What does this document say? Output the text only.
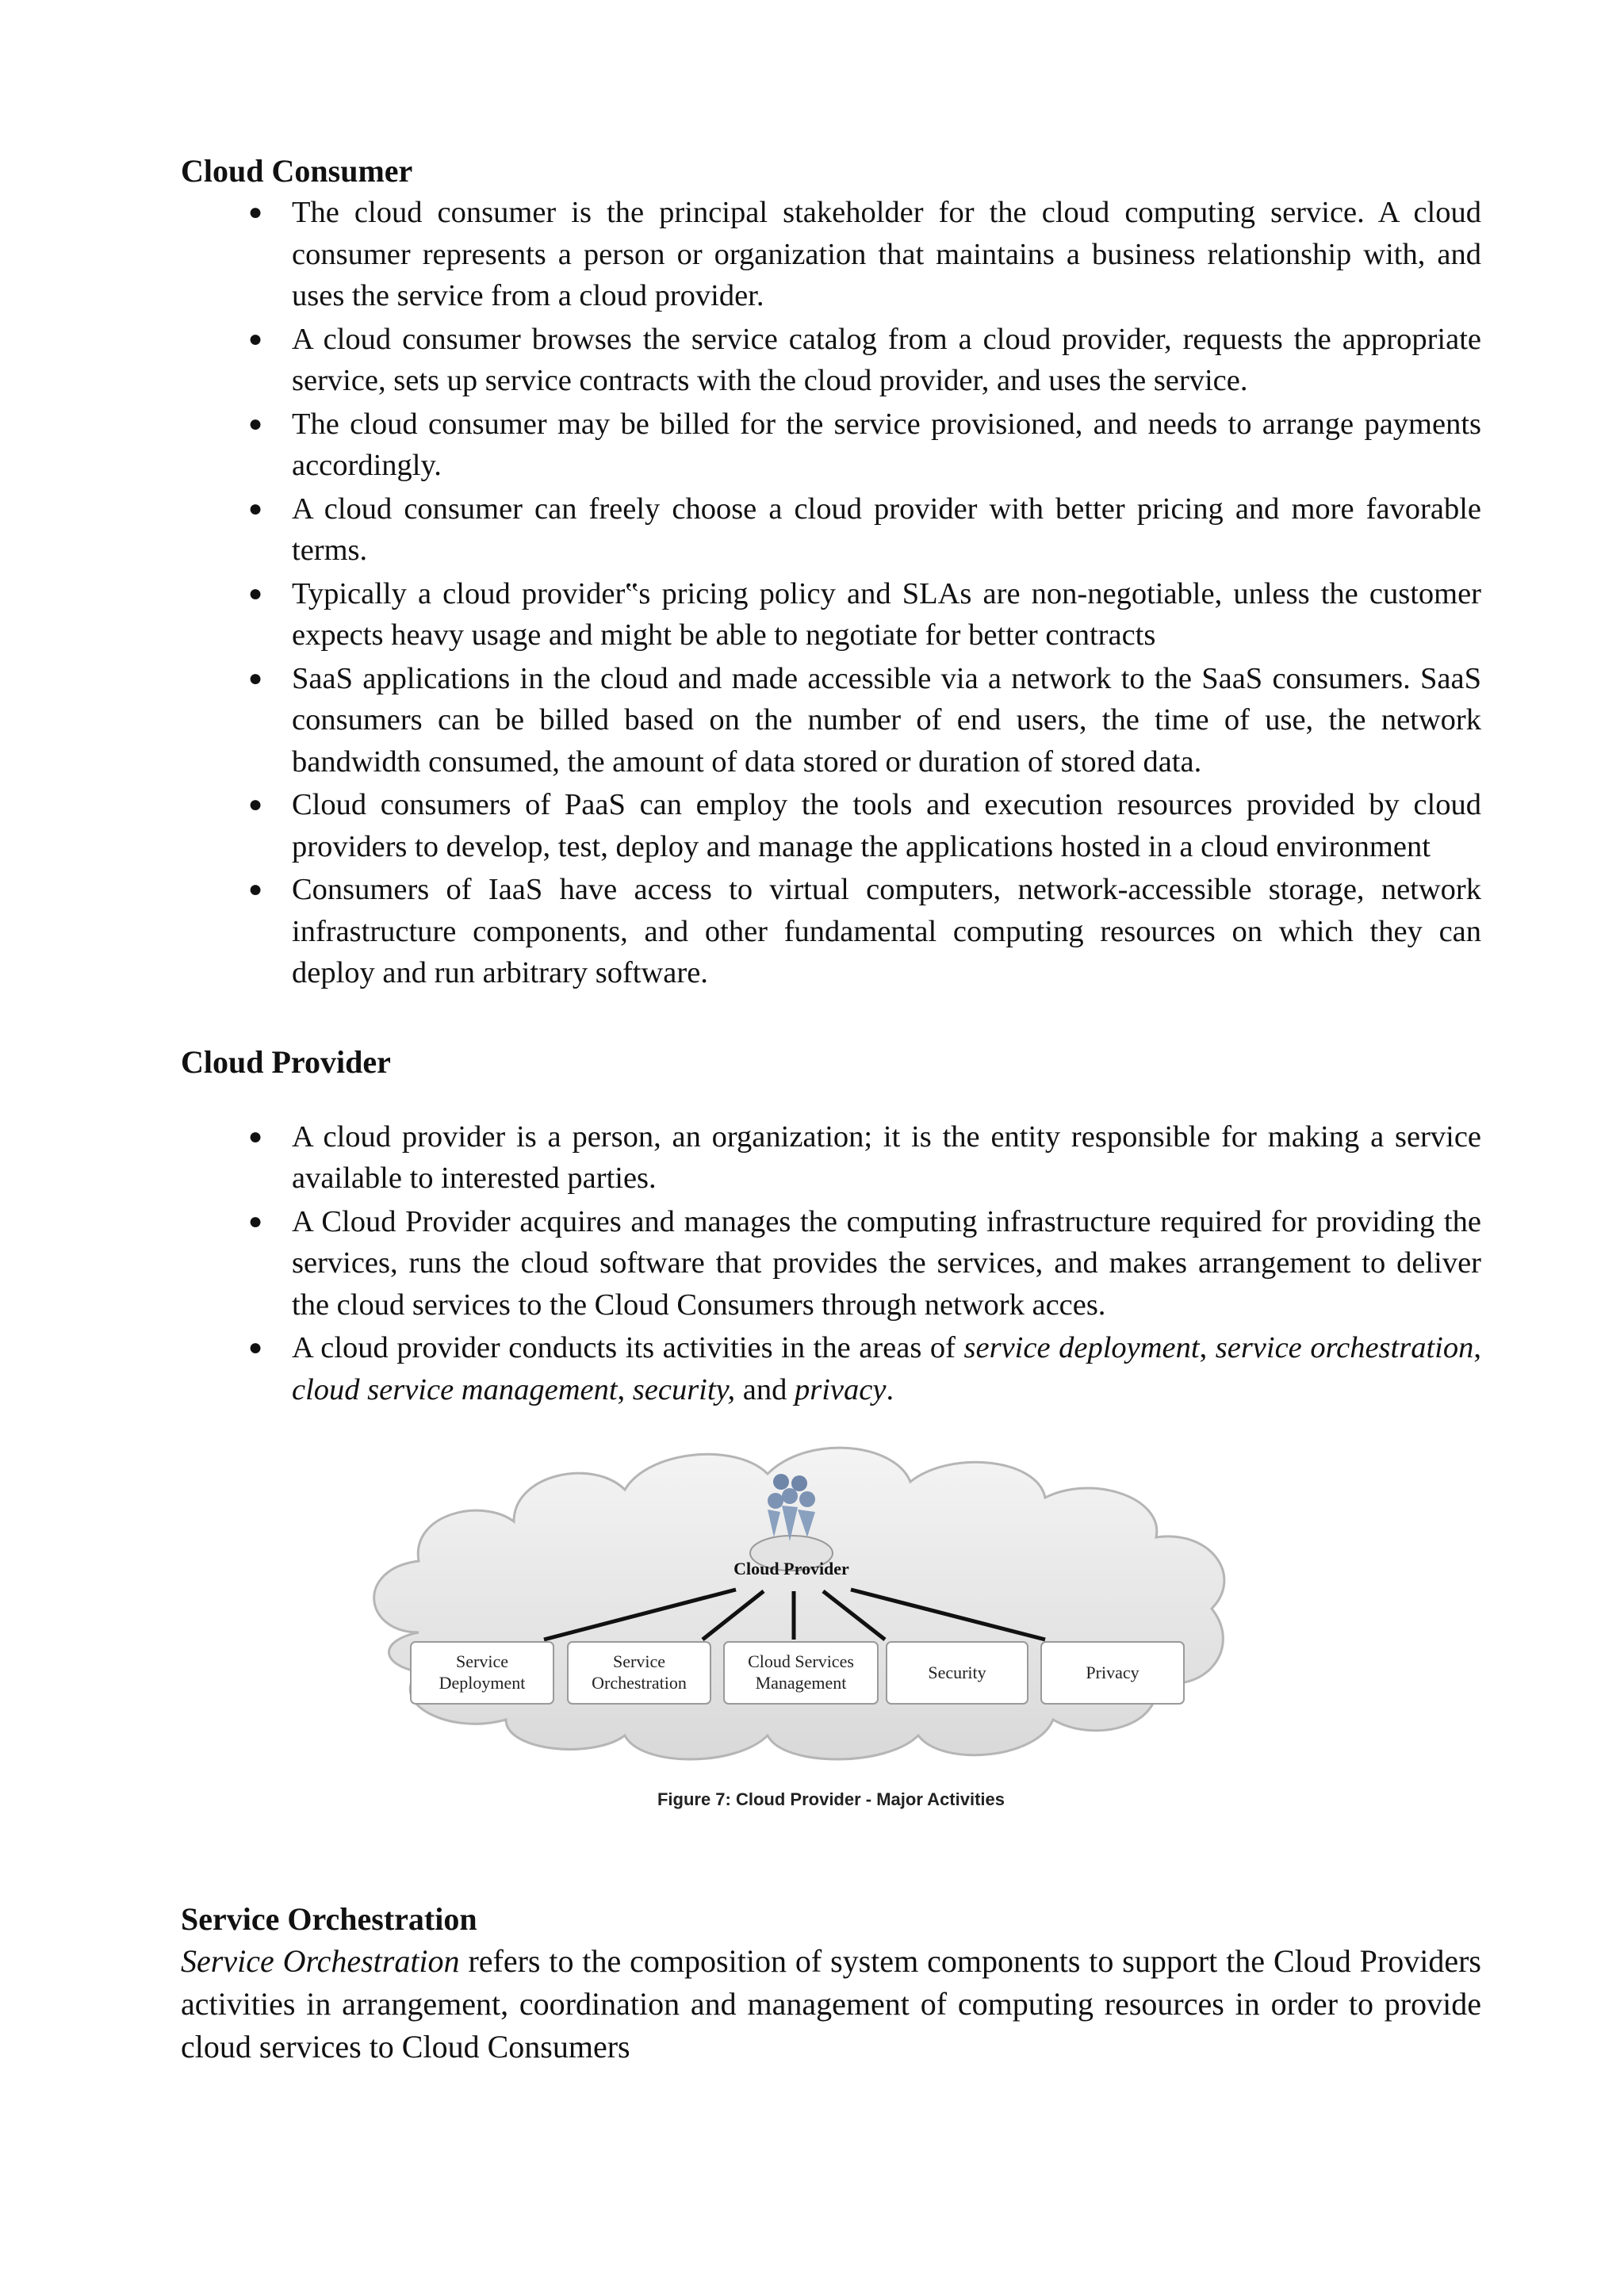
Cloud Consumer
● The cloud consumer is the principal stakeholder for the cloud computing service. A cloud consumer represents a person or organization that maintains a business relationship with, and uses the service from a cloud provider.
● A cloud consumer browses the service catalog from a cloud provider, requests the appropriate service, sets up service contracts with the cloud provider, and uses the service.
● The cloud consumer may be billed for the service provisioned, and needs to arrange payments accordingly.
● A cloud consumer can freely choose a cloud provider with better pricing and more favorable terms.
● Typically a cloud provider‟s pricing policy and SLAs are non-negotiable, unless the customer expects heavy usage and might be able to negotiate for better contracts
● SaaS applications in the cloud and made accessible via a network to the SaaS consumers. SaaS consumers can be billed based on the number of end users, the time of use, the network bandwidth consumed, the amount of data stored or duration of stored data.
● Cloud consumers of PaaS can employ the tools and execution resources provided by cloud providers to develop, test, deploy and manage the applications hosted in a cloud environment
● Consumers of IaaS have access to virtual computers, network-accessible storage, network infrastructure components, and other fundamental computing resources on which they can deploy and run arbitrary software.
Cloud Provider
● A cloud provider is a person, an organization; it is the entity responsible for making a service available to interested parties.
● A Cloud Provider acquires and manages the computing infrastructure required for providing the services, runs the cloud software that provides the services, and makes arrangement to deliver the cloud services to the Cloud Consumers through network acces.
● A cloud provider conducts its activities in the areas of service deployment, service orchestration, cloud service management, security, and privacy.
Cloud Provider
Service
Deployment
Service
Orchestration
Cloud Services
Management
Security	Privacy
Figure 7: Cloud Provider - Major Activities
Service Orchestration

Service Orchestration refers to the composition of system components to support the Cloud Providers activities in arrangement, coordination and management of computing resources in order to provide cloud services to Cloud Consumers
